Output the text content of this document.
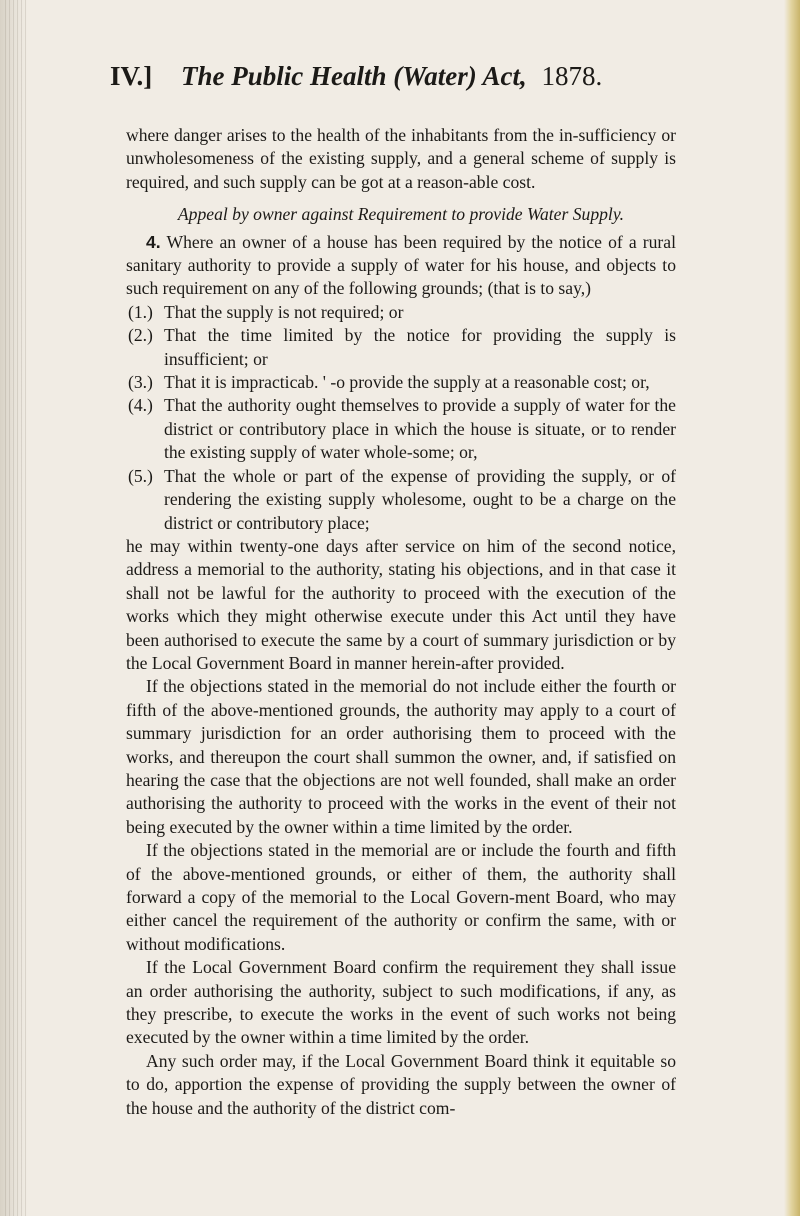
IV.] The Public Health (Water) Act, 1878.

where danger arises to the health of the inhabitants from the in-sufficiency or unwholesomeness of the existing supply, and a general scheme of supply is required, and such supply can be got at a reason-able cost.

Appeal by owner against Requirement to provide Water Supply.

4. Where an owner of a house has been required by the notice of a rural sanitary authority to provide a supply of water for his house, and objects to such requirement on any of the following grounds; (that is to say,)

(1.) That the supply is not required; or
(2.) That the time limited by the notice for providing the supply is insufficient; or
(3.) That it is impracticab. ' -o provide the supply at a reasonable cost; or,
(4.) That the authority ought themselves to provide a supply of water for the district or contributory place in which the house is situate, or to render the existing supply of water whole-some; or,
(5.) That the whole or part of the expense of providing the supply, or of rendering the existing supply wholesome, ought to be a charge on the district or contributory place;

he may within twenty-one days after service on him of the second notice, address a memorial to the authority, stating his objections, and in that case it shall not be lawful for the authority to proceed with the execution of the works which they might otherwise execute under this Act until they have been authorised to execute the same by a court of summary jurisdiction or by the Local Government Board in manner herein-after provided.

If the objections stated in the memorial do not include either the fourth or fifth of the above-mentioned grounds, the authority may apply to a court of summary jurisdiction for an order authorising them to proceed with the works, and thereupon the court shall summon the owner, and, if satisfied on hearing the case that the objections are not well founded, shall make an order authorising the authority to proceed with the works in the event of their not being executed by the owner within a time limited by the order.

If the objections stated in the memorial are or include the fourth and fifth of the above-mentioned grounds, or either of them, the authority shall forward a copy of the memorial to the Local Govern-ment Board, who may either cancel the requirement of the authority or confirm the same, with or without modifications.

If the Local Government Board confirm the requirement they shall issue an order authorising the authority, subject to such modifications, if any, as they prescribe, to execute the works in the event of such works not being executed by the owner within a time limited by the order.

Any such order may, if the Local Government Board think it equitable so to do, apportion the expense of providing the supply between the owner of the house and the authority of the district com-
